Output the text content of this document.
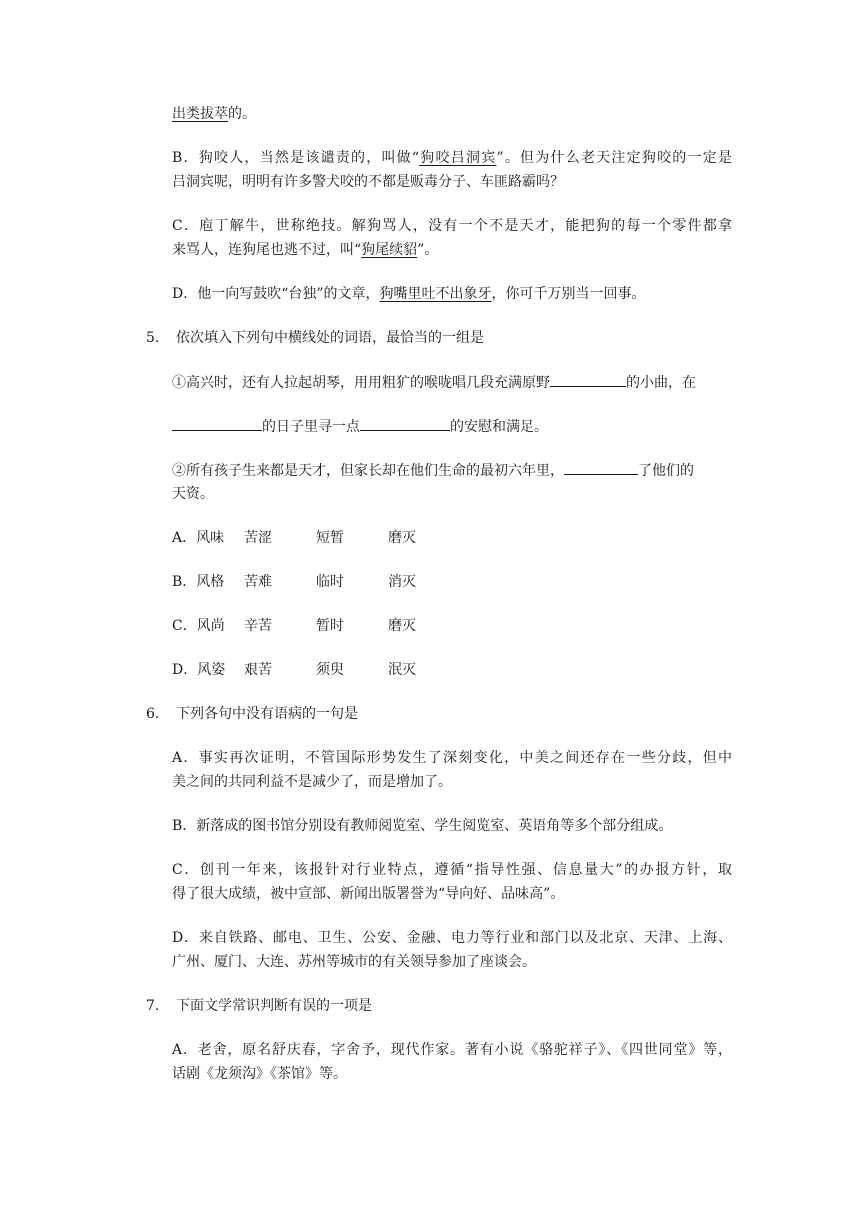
出类拔萃的。
B．狗咬人，当然是该谴责的，叫做“狗咬吕洞宾”。但为什么老天注定狗咬的一定是
吕洞宾呢，明明有许多警犬咬的不都是贩毒分子、车匪路霸吗？
C．庖丁解牛，世称绝技。解狗骂人，没有一个不是天才，能把狗的每一个零件都拿
来骂人，连狗尾也逃不过，叫“狗尾续貂”。
D．他一向写鼓吹“台独”的文章，狗嘴里吐不出象牙，你可千万别当一回事。
5. 依次填入下列句中横线处的词语，最恰当的一组是
①高兴时，还有人拉起胡琴，用用粗犷的喉咙唱几段充满原野	的小曲，在
的日子里寻一点	的安慰和满足。
②所有孩子生来都是天才，但家长却在他们生命的最初六年里，	了他们的
天资。
A．风味 苦涩	短暂	磨灭
B．风格 苦难	临时	消灭
C．风尚 辛苦	暂时	磨灭
D．风姿 艰苦	须臾	泯灭
6. 下列各句中没有语病的一句是
A．事实再次证明，不管国际形势发生了深刻变化，中美之间还存在一些分歧，但中
美之间的共同利益不是减少了，而是增加了。
B．新落成的图书馆分别设有教师阅览室、学生阅览室、英语角等多个部分组成。
C．创刊一年来，该报针对行业特点，遵循“指导性强、信息量大”的办报方针，取
得了很大成绩，被中宣部、新闻出版署誉为“导向好、品味高”。
D．来自铁路、邮电、卫生、公安、金融、电力等行业和部门以及北京、天津、上海、
广州、厦门、大连、苏州等城市的有关领导参加了座谈会。
7. 下面文学常识判断有误的一项是
A．老舍，原名舒庆春，字舍予，现代作家。著有小说《骆驼祥子》、《四世同堂》等，
话剧《龙须沟》《茶馆》等。
